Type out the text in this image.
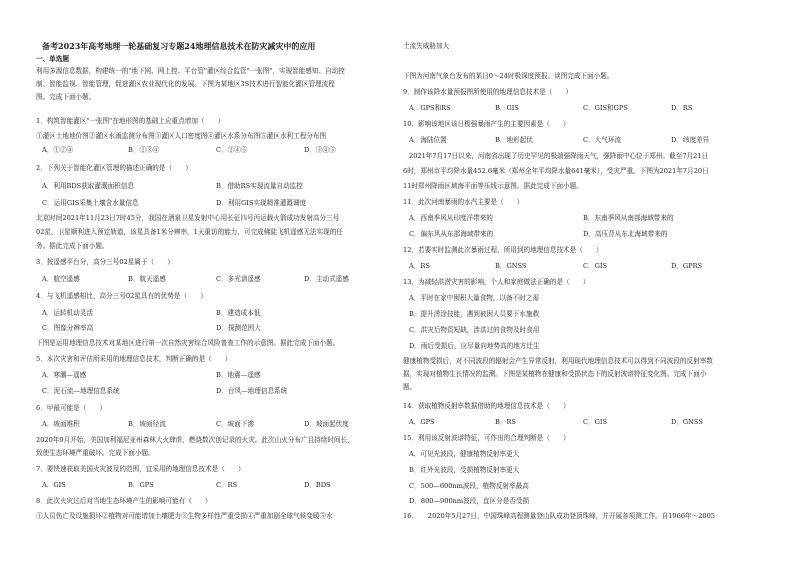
备考2023年高考地理一轮基础复习专题24地理信息技术在防灾减灾中的应用
一、单选题
利用多源信息数据，构建统一的"地下网、网上控、平台管"灌区综合监管"一张图"，实现智能感知、自动控
制、智能监视、智能管理，促进灌区农业现代化的发展。下图为某地区3S技术进行智能化灌区管理流程
图。完成下面小题。
1．构筑智能灌区"一张图"在地形图的基础上应重点增加（　　）
①灌区土地地价图②灌区水雨监测分布图③灌区人口密度图④灌区水系分布图⑤灌区水利工程分布图
A．①②④	B．②③④	C．②④⑤	D．③④⑤
2．下列关于智能化灌区管理的描述正确的是（　　）
A．利用BDS获取灌溉面积信息	B．借助RS实现流量自动监控
C．运用GIS采集土壤含水量信息	D．利用GIS实现精准灌溉调度
北京时间2021年11月23日7时45分，我国在酒泉卫星发射中心用长征四号丙运载火箭成功发射高分三号
02星，卫星顺利进入预定轨道，该星具备1米分辨率，1天重访的能力，可完成佛陡飞机遥感无法实现的任
务。据此完成下面小题。
3．按遥感平台分，高分三号02星属于（　　）
A．航空遥感	B．航天遥感	C．多光谱遥感	D．主动式遥感
4．与飞机遥感相比，高分三号02星具有的优势是（　　）
A．运转机动灵活	B．建造成本低
C．图像分辨率高	D．探测范围大
下图是运用地理信息技术对某地区进行第一次自然灾害综合风险普查工作的示意图。据此完成下面小题。
5．本次灾害和评估所采用的地理信息技术，判断正确的是（　　）
A．寒潮—遥感	B．地震—遥感
C．泥石流—地理信息系统	D．台风—地理信息系统
6．甲最可能是（　　）
A．坡面堆积	B．坡面径流	C．坡面下渗	D．坡面起伏度
2020年9月开始，美国加利福尼亚州森林大火肆虐，燃烧数次创记录的火灾。此次山火分布广且持续时间长，
致使生态环境严重破坏。完成下面小题。
7．要快速获取美国火灾波及的范围，宜采用的地理信息技术是（　　）
A．GIS	B．GPS	C．RS	D．BDS
8．此次火灾过后对当地生态环境产生的影响可能有（　　）
①人员伤亡及设施损坏②植物对可能增加土壤肥力③生物多样性严重受损④严重加剧全球气候变暖⑤水
土流失威胁加大
下图为河南气象台发布的某日0～24时极深度预报。读图完成下面小题。
9．制作该降水量预报图所使用的地理信息技术是（　　）
A．GPS和RS	B．GIS	C．GIS和GPS	D．RS
10．影响该地区该日极强暴雨产生的主要因素是（　　）
A．海陆位置	B．地形起伏	C．大气环流	D．纬度差异
2021年7月17日以来，河南省出现了历史罕见的极端强降雨天气，强降雨中心位于郑州。截至7月21日
6时，郑州市平均降水量452.6毫米（郑州全年平均降水量641毫米），受灾严重。下图为2021年7月20日
11时郑州降雨区域海平面等压线示意图。据此完成下面小题。
11．此次河南暴雨的水汽主要是（　　）
A．西南季风从印度洋带来的	B．东南季风从南部海域带来的
C．偏东风从东部海域带来的	D．高压背从东北海域带来的
12．若要实时监测此次暴雨过程，所用到的地理信息技术是（　　）
A．RS	B．GNSS	C．GIS	D．GPRS
13．为减轻洪涝灾害的影响，个人和家庭做法正确的是（　　）
A．平时在家中囤积大量食物，以备不时之需
B．提升涝涂技能，遇到被困人员要下水施救
C．洪灾后物资短缺，涉洪过的食物及时食用
D．雨后受损后，应尽量向地势高的地方迁生
健康植物受损后，对不同波段的辐射会产生异常反射，利用现代地理信息技术可以得到不同波段的反射率数
据，实现对植物生长情况的监测。下图是某植物在健康和受损状态下的反射波谱特征变化图。完成下面小
题。
14．获取植物反射率数据借助的地理信息技术是（　　）
A．GPS	B．RS	C．GIS	D．GNSS
15．利用该反射波谱特征，可作出的合理判断是（　　）
A．可见光波段，健康植物反射率更大
B．红外光波段，受损植物反射率更大
C．500—600nm波段，植物反射率最高
D．800—900nm波段，直区分是否受损
16．　　2020年5月27日，中国珠峰高程测量登山队成功登顶珠峰，并开展各项测工作。自1966年～2005
